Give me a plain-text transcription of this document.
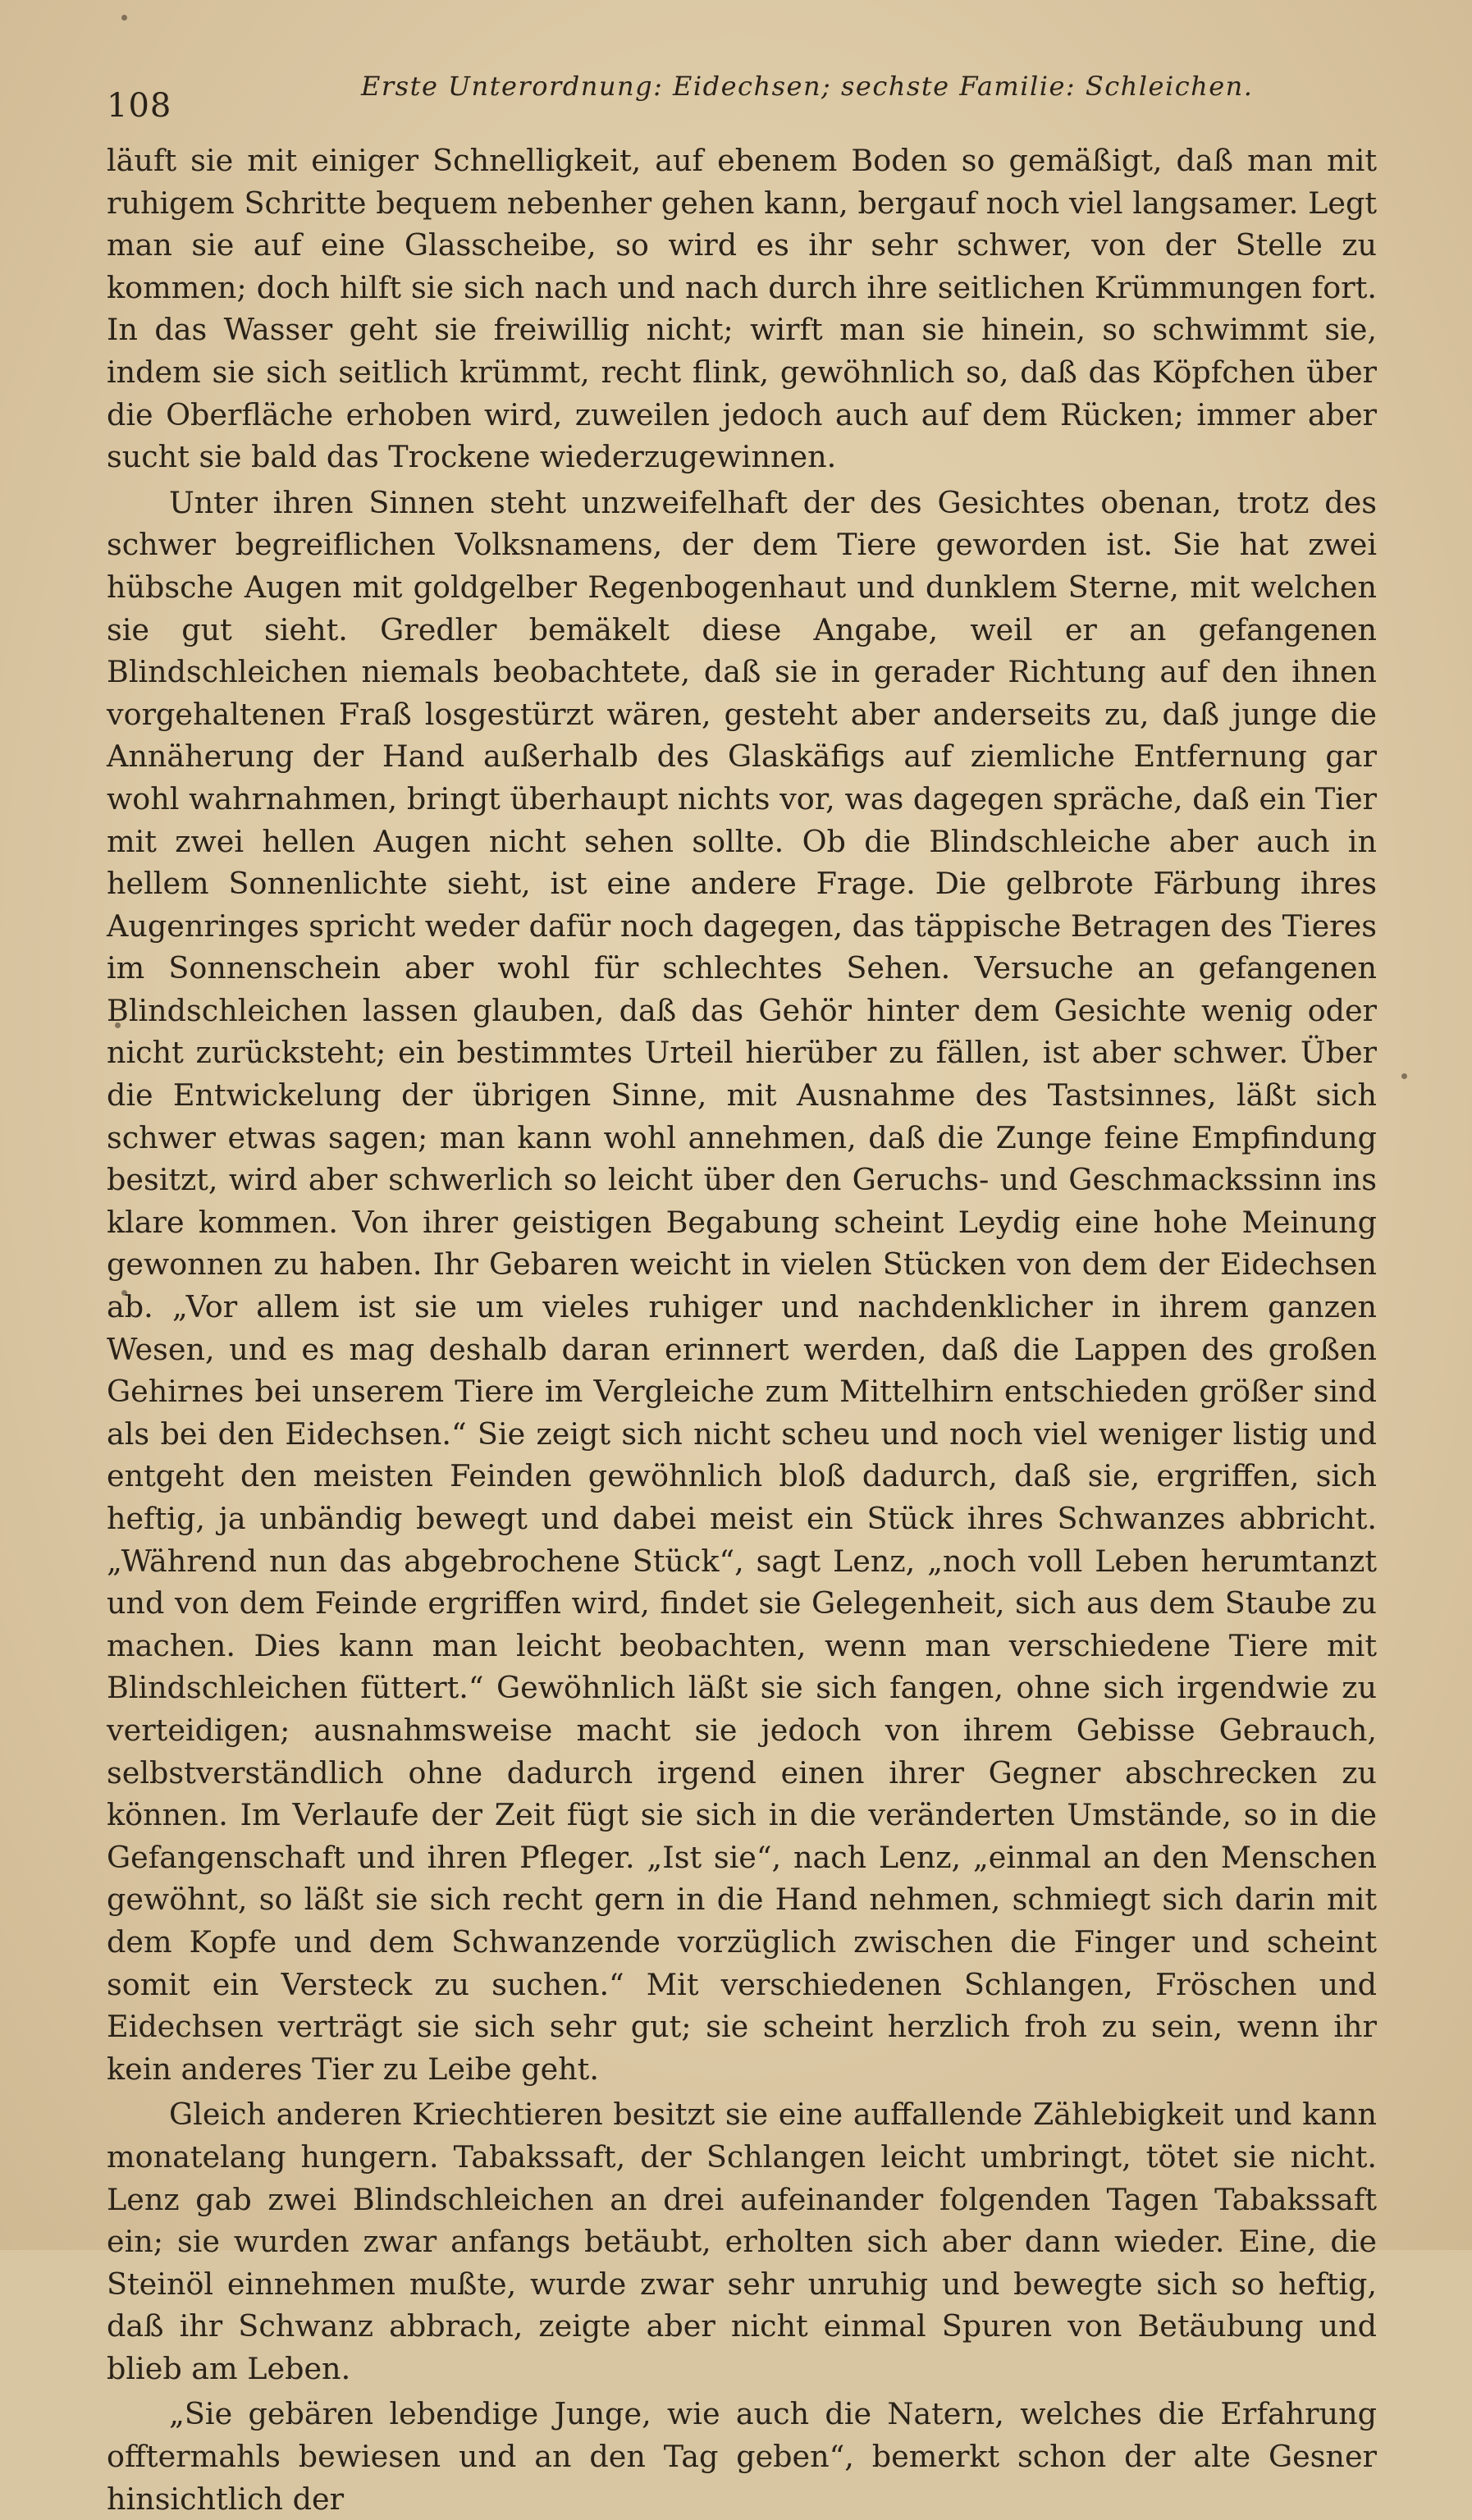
108
Erste Unterordnung: Eidechsen; sechste Familie: Schleichen.

läuft sie mit einiger Schnelligkeit, auf ebenem Boden so gemäßigt, daß man mit ruhigem Schritte bequem nebenher gehen kann, bergauf noch viel langsamer. Legt man sie auf eine Glasscheibe, so wird es ihr sehr schwer, von der Stelle zu kommen; doch hilft sie sich nach und nach durch ihre seitlichen Krümmungen fort. In das Wasser geht sie freiwillig nicht; wirft man sie hinein, so schwimmt sie, indem sie sich seitlich krümmt, recht flink, gewöhnlich so, daß das Köpfchen über die Oberfläche erhoben wird, zuweilen jedoch auch auf dem Rücken; immer aber sucht sie bald das Trockene wiederzugewinnen.

Unter ihren Sinnen steht unzweifelhaft der des Gesichtes obenan, trotz des schwer begreiflichen Volksnamens, der dem Tiere geworden ist. Sie hat zwei hübsche Augen mit goldgelber Regenbogenhaut und dunklem Sterne, mit welchen sie gut sieht. Gredler bemäkelt diese Angabe, weil er an gefangenen Blindschleichen niemals beobachtete, daß sie in gerader Richtung auf den ihnen vorgehaltenen Fraß losgestürzt wären, gesteht aber anderseits zu, daß junge die Annäherung der Hand außerhalb des Glaskäfigs auf ziemliche Entfernung gar wohl wahrnahmen, bringt überhaupt nichts vor, was dagegen spräche, daß ein Tier mit zwei hellen Augen nicht sehen sollte. Ob die Blindschleiche aber auch in hellem Sonnenlichte sieht, ist eine andere Frage. Die gelbrote Färbung ihres Augenringes spricht weder dafür noch dagegen, das täppische Betragen des Tieres im Sonnenschein aber wohl für schlechtes Sehen. Versuche an gefangenen Blindschleichen lassen glauben, daß das Gehör hinter dem Gesichte wenig oder nicht zurücksteht; ein bestimmtes Urteil hierüber zu fällen, ist aber schwer. Über die Entwickelung der übrigen Sinne, mit Ausnahme des Tastsinnes, läßt sich schwer etwas sagen; man kann wohl annehmen, daß die Zunge feine Empfindung besitzt, wird aber schwerlich so leicht über den Geruchs- und Geschmackssinn ins klare kommen. Von ihrer geistigen Begabung scheint Leydig eine hohe Meinung gewonnen zu haben. Ihr Gebaren weicht in vielen Stücken von dem der Eidechsen ab. „Vor allem ist sie um vieles ruhiger und nachdenklicher in ihrem ganzen Wesen, und es mag deshalb daran erinnert werden, daß die Lappen des großen Gehirnes bei unserem Tiere im Vergleiche zum Mittelhirn entschieden größer sind als bei den Eidechsen.“ Sie zeigt sich nicht scheu und noch viel weniger listig und entgeht den meisten Feinden gewöhnlich bloß dadurch, daß sie, ergriffen, sich heftig, ja unbändig bewegt und dabei meist ein Stück ihres Schwanzes abbricht. „Während nun das abgebrochene Stück“, sagt Lenz, „noch voll Leben herumtanzt und von dem Feinde ergriffen wird, findet sie Gelegenheit, sich aus dem Staube zu machen. Dies kann man leicht beobachten, wenn man verschiedene Tiere mit Blindschleichen füttert.“ Gewöhnlich läßt sie sich fangen, ohne sich irgendwie zu verteidigen; ausnahmsweise macht sie jedoch von ihrem Gebisse Gebrauch, selbstverständlich ohne dadurch irgend einen ihrer Gegner abschrecken zu können. Im Verlaufe der Zeit fügt sie sich in die veränderten Umstände, so in die Gefangenschaft und ihren Pfleger. „Ist sie“, nach Lenz, „einmal an den Menschen gewöhnt, so läßt sie sich recht gern in die Hand nehmen, schmiegt sich darin mit dem Kopfe und dem Schwanzende vorzüglich zwischen die Finger und scheint somit ein Versteck zu suchen.“ Mit verschiedenen Schlangen, Fröschen und Eidechsen verträgt sie sich sehr gut; sie scheint herzlich froh zu sein, wenn ihr kein anderes Tier zu Leibe geht.

Gleich anderen Kriechtieren besitzt sie eine auffallende Zählebigkeit und kann monatelang hungern. Tabakssaft, der Schlangen leicht umbringt, tötet sie nicht. Lenz gab zwei Blindschleichen an drei aufeinander folgenden Tagen Tabakssaft ein; sie wurden zwar anfangs betäubt, erholten sich aber dann wieder. Eine, die Steinöl einnehmen mußte, wurde zwar sehr unruhig und bewegte sich so heftig, daß ihr Schwanz abbrach, zeigte aber nicht einmal Spuren von Betäubung und blieb am Leben.

„Sie gebären lebendige Junge, wie auch die Natern, welches die Erfahrung offtermahls bewiesen und an den Tag geben“, bemerkt schon der alte Gesner hinsichtlich der
